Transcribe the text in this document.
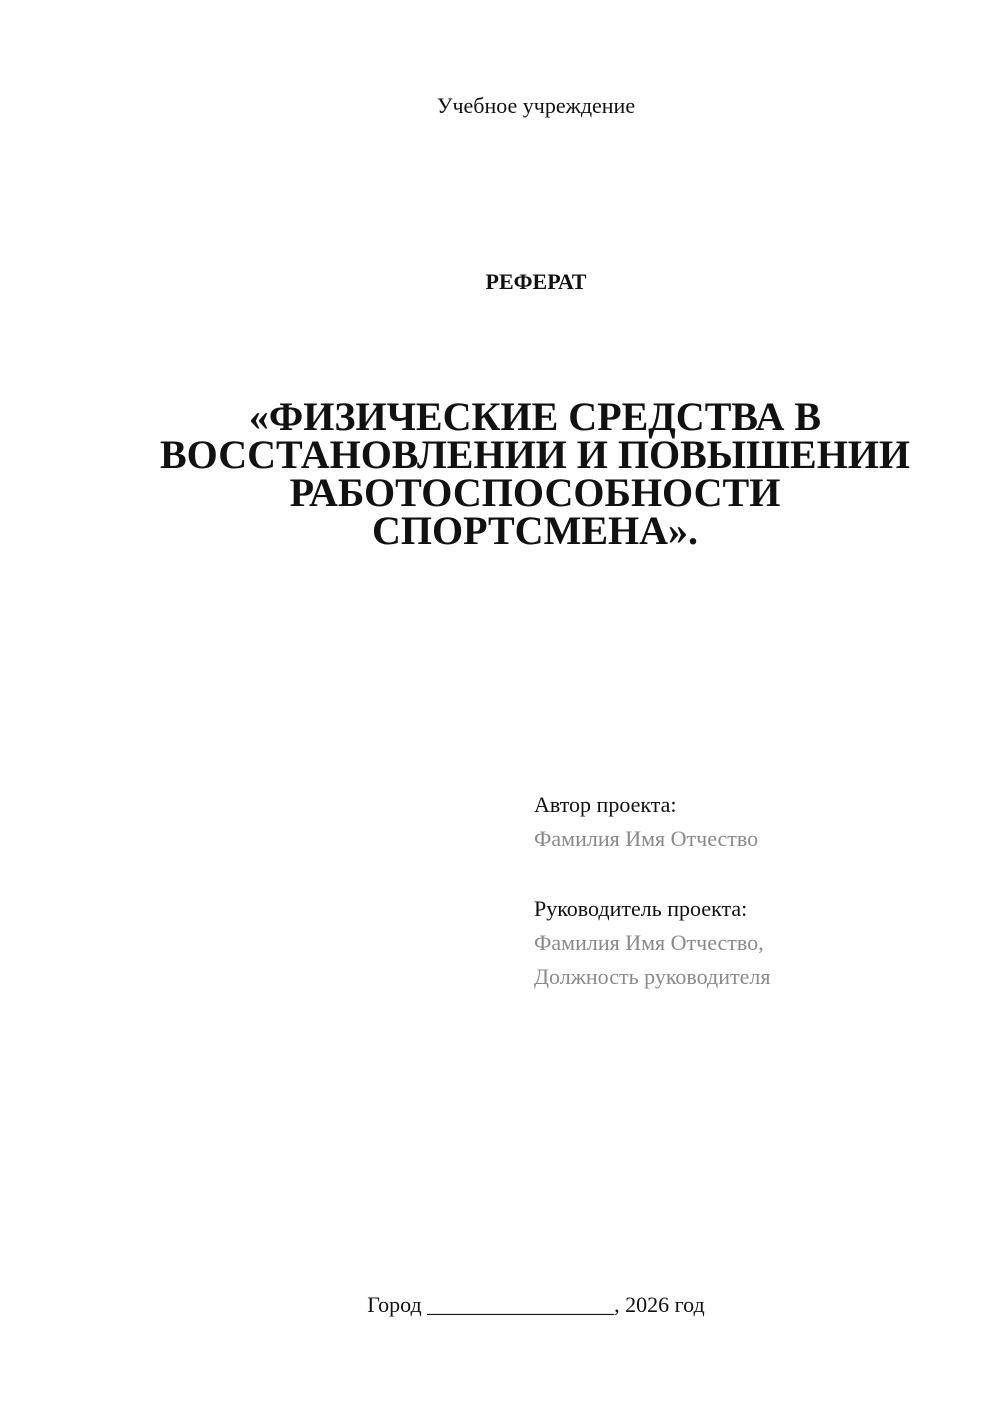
Учебное учреждение
РЕФЕРАТ
«ФИЗИЧЕСКИЕ СРЕДСТВА В
ВОССТАНОВЛЕНИИ И ПОВЫШЕНИИ
РАБОТОСПОСОБНОСТИ
СПОРТСМЕНА».
Автор проекта:
Фамилия Имя Отчество
Руководитель проекта:
Фамилия Имя Отчество,
Должность руководителя
Город _________________, 2026 год
